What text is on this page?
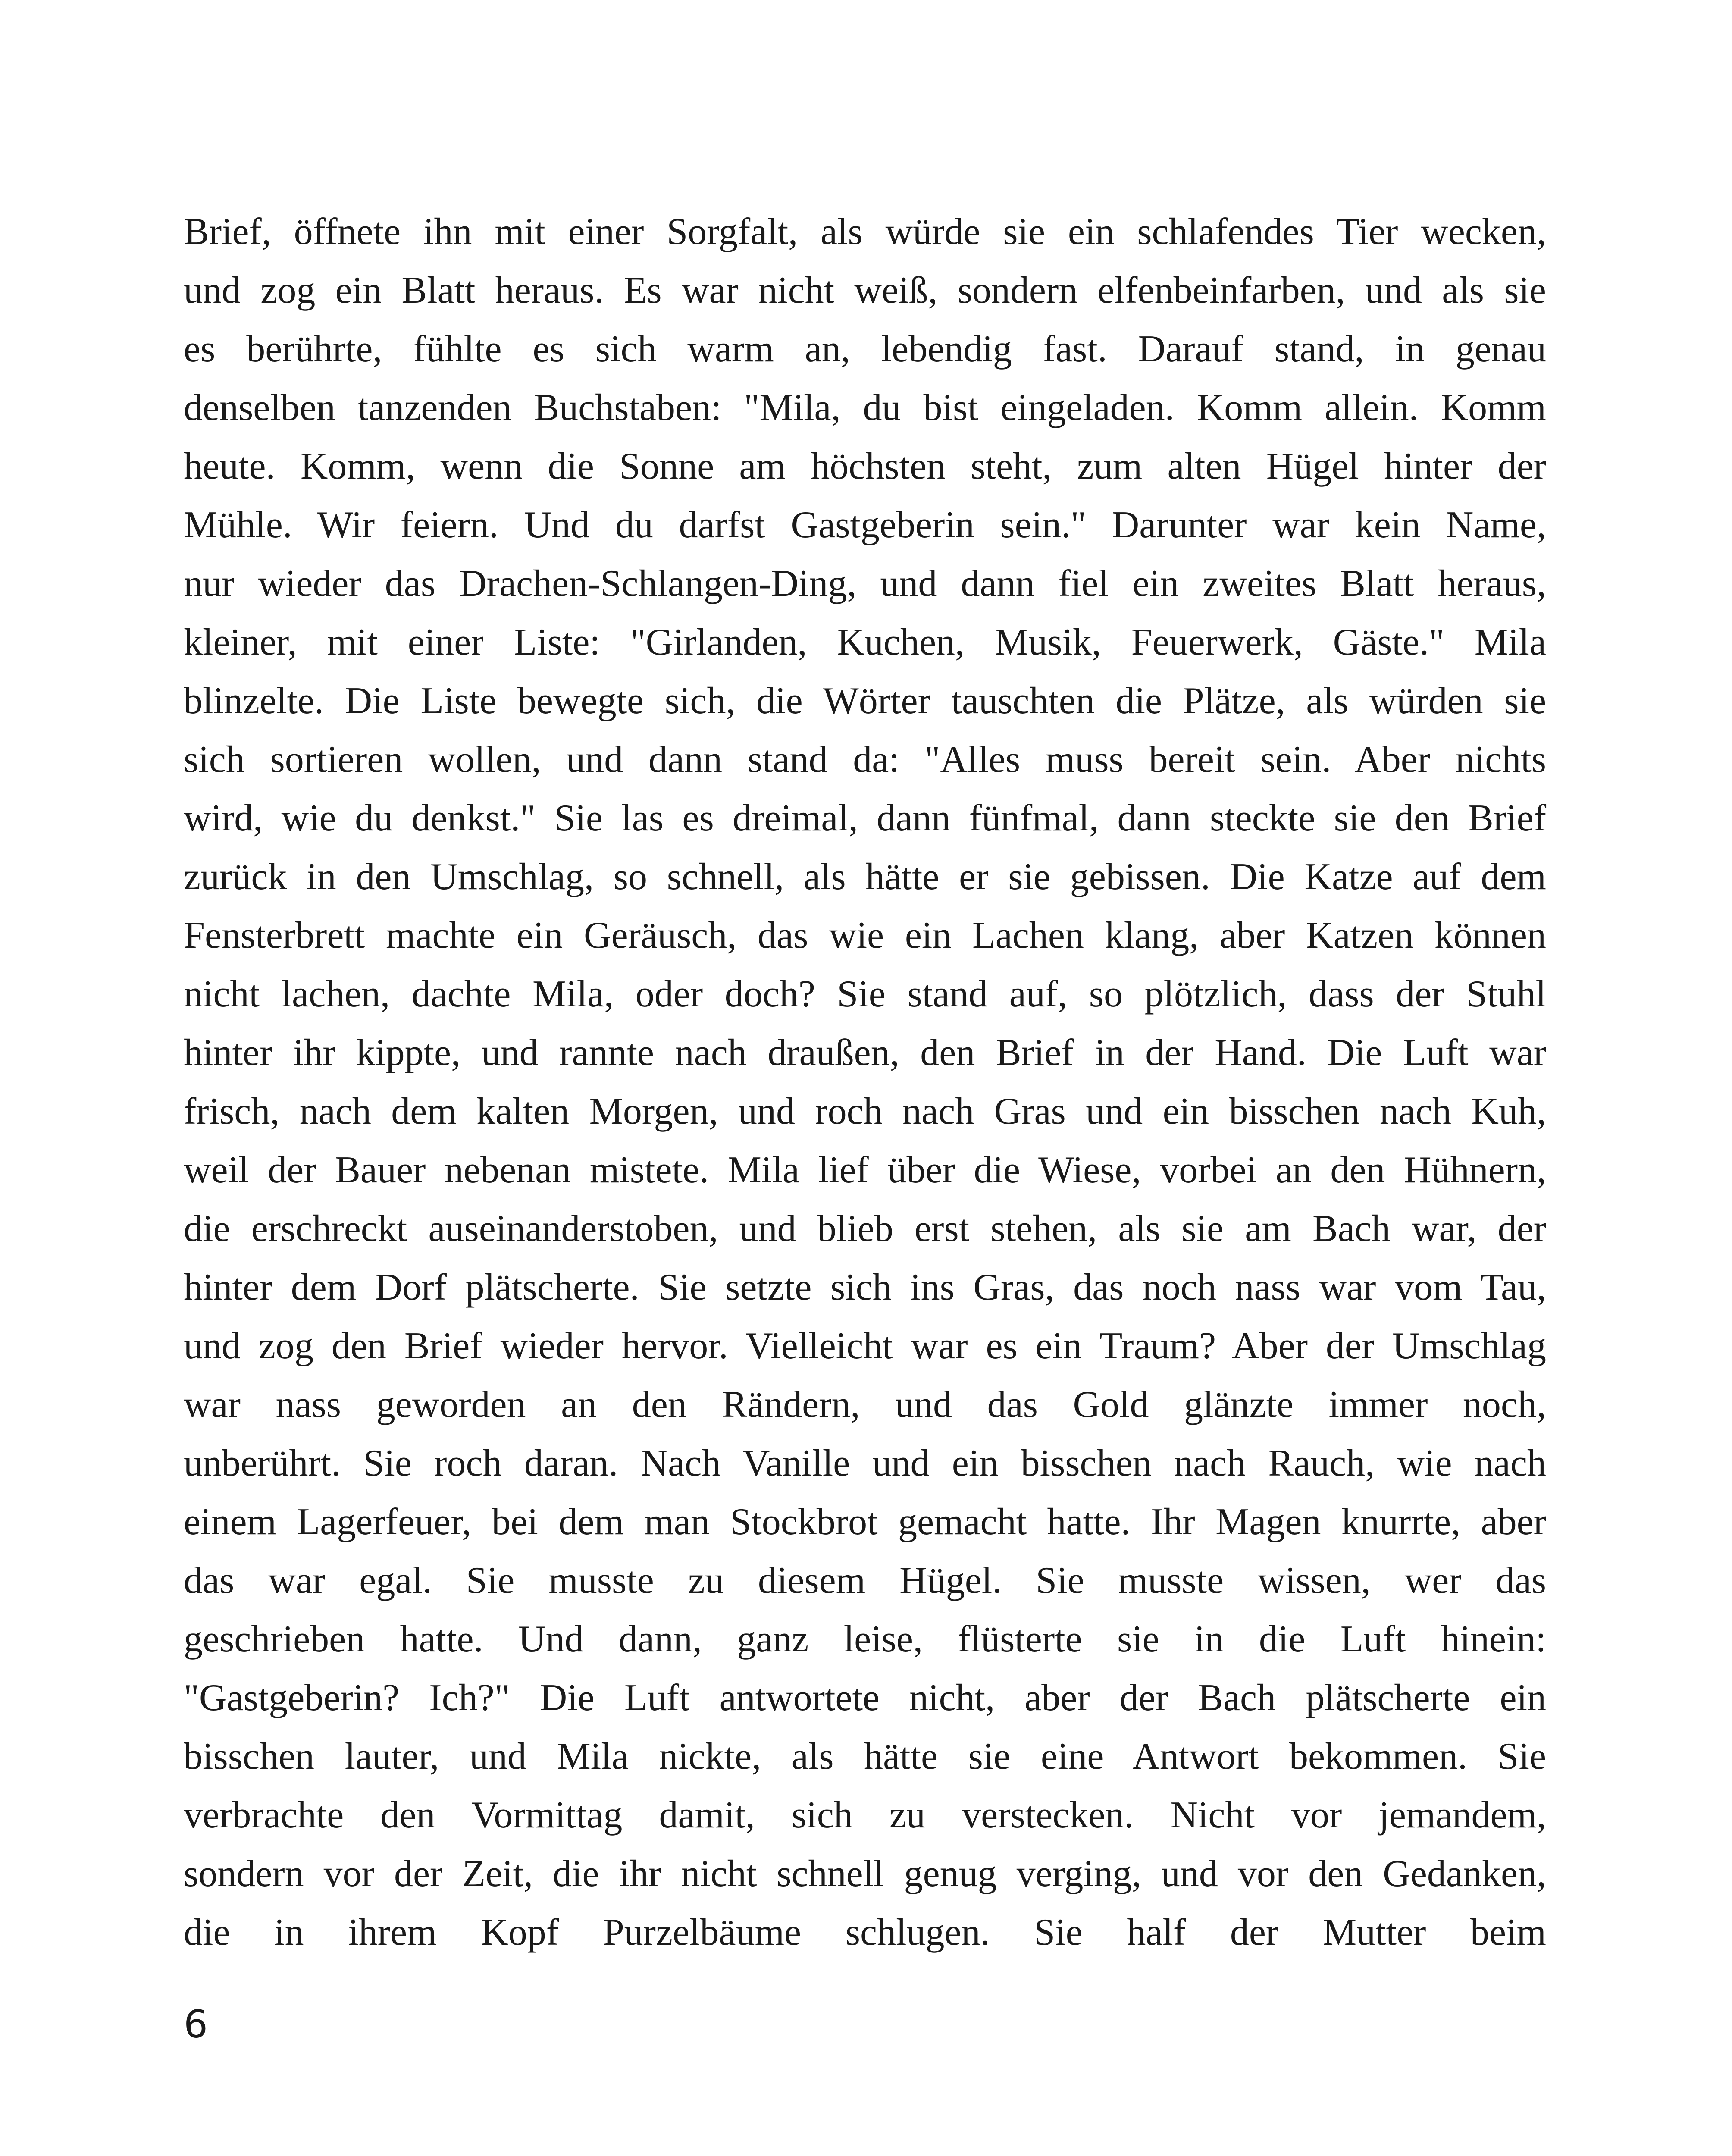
Brief, öffnete ihn mit einer Sorgfalt, als würde sie ein schlafendes Tier wecken,
und zog ein Blatt heraus. Es war nicht weiß, sondern elfenbeinfarben, und als sie
es berührte, fühlte es sich warm an, lebendig fast. Darauf stand, in genau
denselben tanzenden Buchstaben: "Mila, du bist eingeladen. Komm allein. Komm
heute. Komm, wenn die Sonne am höchsten steht, zum alten Hügel hinter der
Mühle. Wir feiern. Und du darfst Gastgeberin sein." Darunter war kein Name,
nur wieder das Drachen-Schlangen-Ding, und dann fiel ein zweites Blatt heraus,
kleiner, mit einer Liste: "Girlanden, Kuchen, Musik, Feuerwerk, Gäste." Mila
blinzelte. Die Liste bewegte sich, die Wörter tauschten die Plätze, als würden sie
sich sortieren wollen, und dann stand da: "Alles muss bereit sein. Aber nichts
wird, wie du denkst." Sie las es dreimal, dann fünfmal, dann steckte sie den Brief
zurück in den Umschlag, so schnell, als hätte er sie gebissen. Die Katze auf dem
Fensterbrett machte ein Geräusch, das wie ein Lachen klang, aber Katzen können
nicht lachen, dachte Mila, oder doch? Sie stand auf, so plötzlich, dass der Stuhl
hinter ihr kippte, und rannte nach draußen, den Brief in der Hand. Die Luft war
frisch, nach dem kalten Morgen, und roch nach Gras und ein bisschen nach Kuh,
weil der Bauer nebenan mistete. Mila lief über die Wiese, vorbei an den Hühnern,
die erschreckt auseinanderstoben, und blieb erst stehen, als sie am Bach war, der
hinter dem Dorf plätscherte. Sie setzte sich ins Gras, das noch nass war vom Tau,
und zog den Brief wieder hervor. Vielleicht war es ein Traum? Aber der Umschlag
war nass geworden an den Rändern, und das Gold glänzte immer noch,
unberührt. Sie roch daran. Nach Vanille und ein bisschen nach Rauch, wie nach
einem Lagerfeuer, bei dem man Stockbrot gemacht hatte. Ihr Magen knurrte, aber
das war egal. Sie musste zu diesem Hügel. Sie musste wissen, wer das
geschrieben hatte. Und dann, ganz leise, flüsterte sie in die Luft hinein:
"Gastgeberin? Ich?" Die Luft antwortete nicht, aber der Bach plätscherte ein
bisschen lauter, und Mila nickte, als hätte sie eine Antwort bekommen. Sie
verbrachte den Vormittag damit, sich zu verstecken. Nicht vor jemandem,
sondern vor der Zeit, die ihr nicht schnell genug verging, und vor den Gedanken,
die in ihrem Kopf Purzelbäume schlugen. Sie half der Mutter beim
6
